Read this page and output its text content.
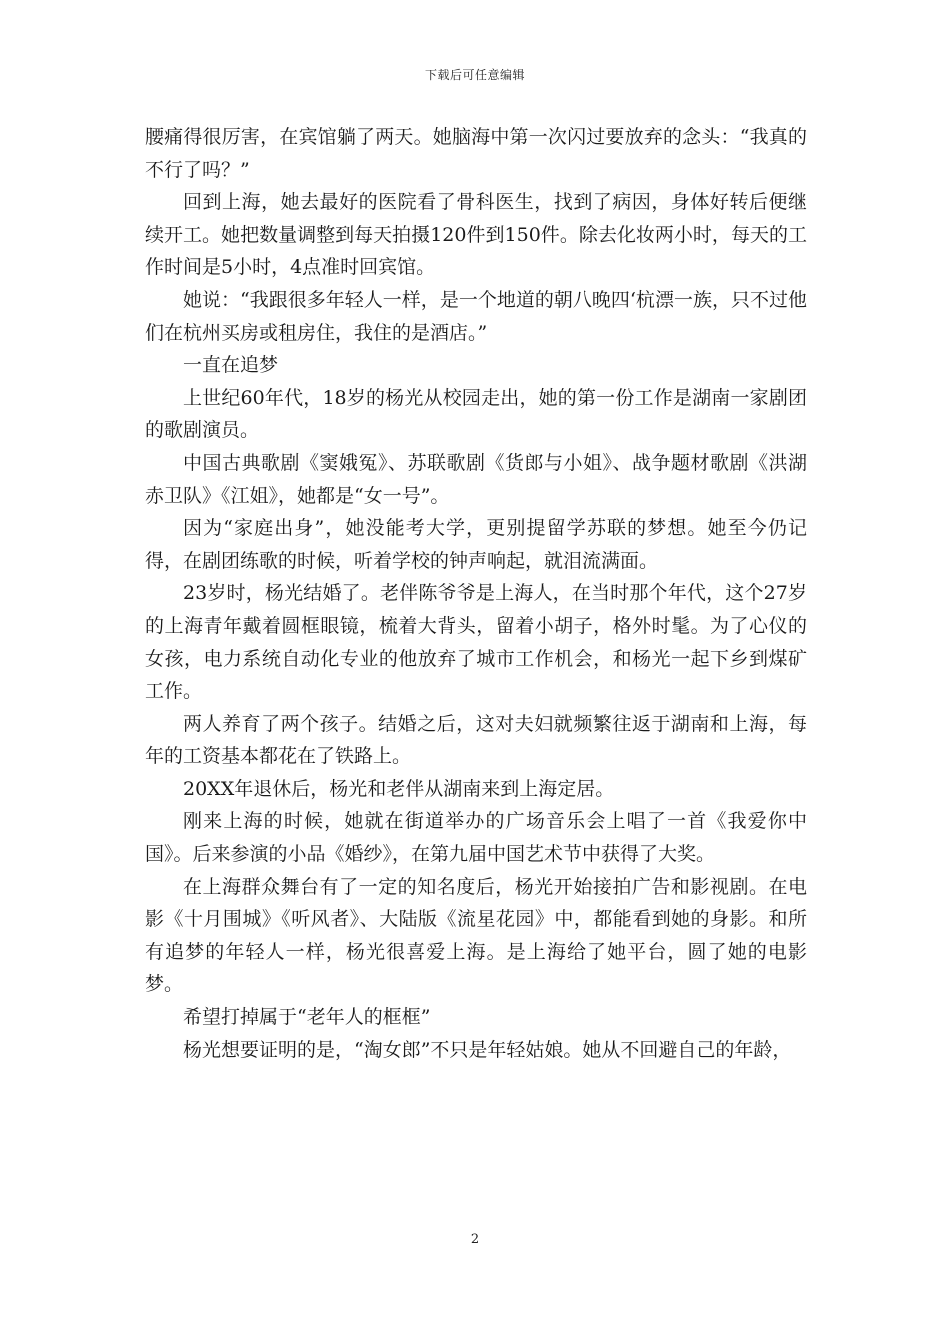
下载后可任意编辑

腰痛得很厉害，在宾馆躺了两天。她脑海中第一次闪过要放弃的念头：“我真的不行了吗？”

回到上海，她去最好的医院看了骨科医生，找到了病因，身体好转后便继续开工。她把数量调整到每天拍摄120件到150件。除去化妆两小时，每天的工作时间是5小时，4点准时回宾馆。

她说：“我跟很多年轻人一样，是一个地道的朝八晚四‘杭漂一族，只不过他们在杭州买房或租房住，我住的是酒店。”

一直在追梦

上世纪60年代，18岁的杨光从校园走出，她的第一份工作是湖南一家剧团的歌剧演员。

中国古典歌剧《窦娥冤》、苏联歌剧《货郎与小姐》、战争题材歌剧《洪湖赤卫队》《江姐》，她都是“女一号”。

因为“家庭出身”，她没能考大学，更别提留学苏联的梦想。她至今仍记得，在剧团练歌的时候，听着学校的钟声响起，就泪流满面。

23岁时，杨光结婚了。老伴陈爷爷是上海人，在当时那个年代，这个27岁的上海青年戴着圆框眼镜，梳着大背头，留着小胡子，格外时髦。为了心仪的女孩，电力系统自动化专业的他放弃了城市工作机会，和杨光一起下乡到煤矿工作。

两人养育了两个孩子。结婚之后，这对夫妇就频繁往返于湖南和上海，每年的工资基本都花在了铁路上。

20XX年退休后，杨光和老伴从湖南来到上海定居。

刚来上海的时候，她就在街道举办的广场音乐会上唱了一首《我爱你中国》。后来参演的小品《婚纱》，在第九届中国艺术节中获得了大奖。

在上海群众舞台有了一定的知名度后，杨光开始接拍广告和影视剧。在电影《十月围城》《听风者》、大陆版《流星花园》中，都能看到她的身影。和所有追梦的年轻人一样，杨光很喜爱上海。是上海给了她平台，圆了她的电影梦。

希望打掉属于“老年人的框框”

杨光想要证明的是，“淘女郎”不只是年轻姑娘。她从不回避自己的年龄，

2
